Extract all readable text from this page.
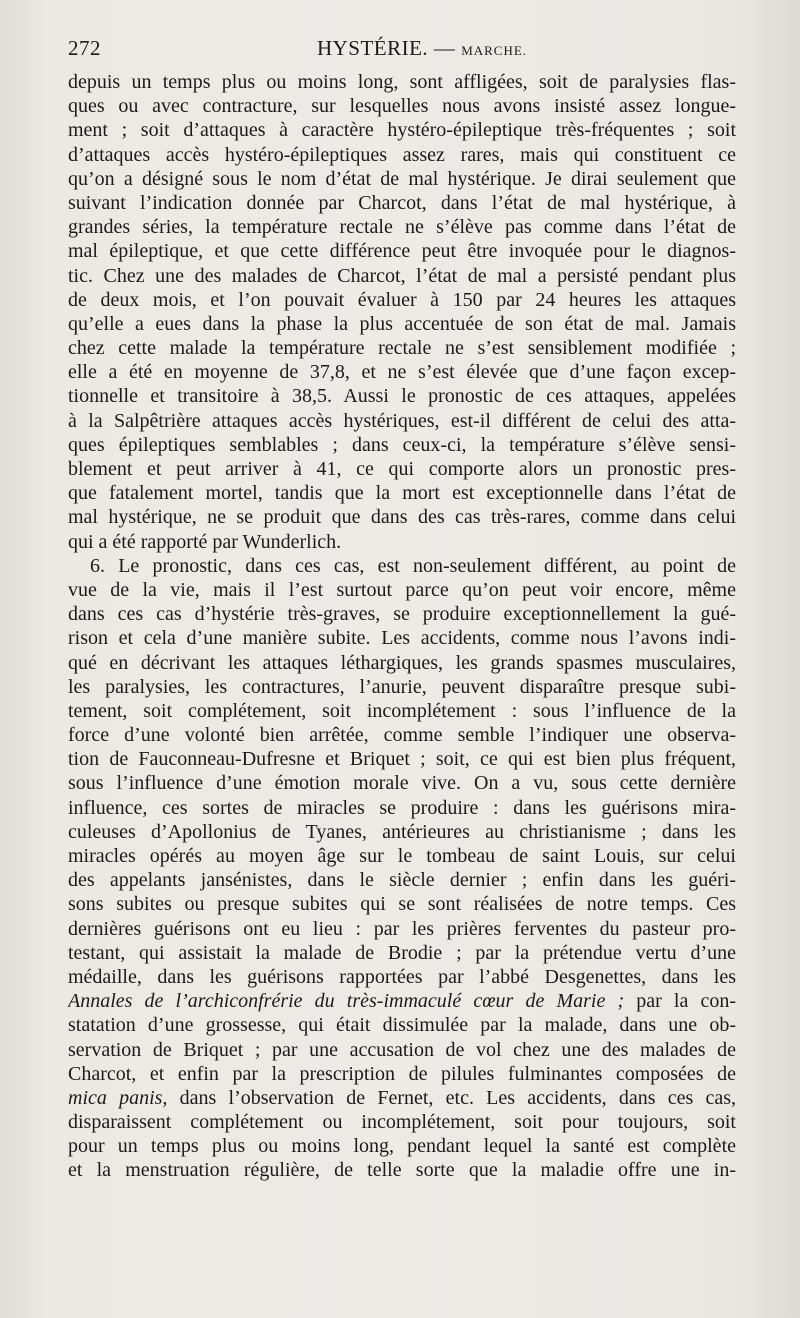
272	HYSTÉRIE. — MARCHE.
depuis un temps plus ou moins long, sont affligées, soit de paralysies flas-
ques ou avec contracture, sur lesquelles nous avons insisté assez longue-
ment ; soit d’attaques à caractère hystéro-épileptique très-fréquentes ; soit
d’attaques accès hystéro-épileptiques assez rares, mais qui constituent ce
qu’on a désigné sous le nom d’état de mal hystérique. Je dirai seulement que
suivant l’indication donnée par Charcot, dans l’état de mal hystérique, à
grandes séries, la température rectale ne s’élève pas comme dans l’état de
mal épileptique, et que cette différence peut être invoquée pour le diagnos-
tic. Chez une des malades de Charcot, l’état de mal a persisté pendant plus
de deux mois, et l’on pouvait évaluer à 150 par 24 heures les attaques
qu’elle a eues dans la phase la plus accentuée de son état de mal. Jamais
chez cette malade la température rectale ne s’est sensiblement modifiée ;
elle a été en moyenne de 37,8, et ne s’est élevée que d’une façon excep-
tionnelle et transitoire à 38,5. Aussi le pronostic de ces attaques, appelées
à la Salpêtrière attaques accès hystériques, est-il différent de celui des atta-
ques épileptiques semblables ; dans ceux-ci, la température s’élève sensi-
blement et peut arriver à 41, ce qui comporte alors un pronostic pres-
que fatalement mortel, tandis que la mort est exceptionnelle dans l’état de
mal hystérique, ne se produit que dans des cas très-rares, comme dans celui
qui a été rapporté par Wunderlich.
6. Le pronostic, dans ces cas, est non-seulement différent, au point de
vue de la vie, mais il l’est surtout parce qu’on peut voir encore, même
dans ces cas d’hystérie très-graves, se produire exceptionnellement la gué-
rison et cela d’une manière subite. Les accidents, comme nous l’avons indi-
qué en décrivant les attaques léthargiques, les grands spasmes musculaires,
les paralysies, les contractures, l’anurie, peuvent disparaître presque subi-
tement, soit complétement, soit incomplétement : sous l’influence de la
force d’une volonté bien arrêtée, comme semble l’indiquer une observa-
tion de Fauconneau-Dufresne et Briquet ; soit, ce qui est bien plus fréquent,
sous l’influence d’une émotion morale vive. On a vu, sous cette dernière
influence, ces sortes de miracles se produire : dans les guérisons mira-
culeuses d’Apollonius de Tyanes, antérieures au christianisme ; dans les
miracles opérés au moyen âge sur le tombeau de saint Louis, sur celui
des appelants jansénistes, dans le siècle dernier ; enfin dans les guéri-
sons subites ou presque subites qui se sont réalisées de notre temps. Ces
dernières guérisons ont eu lieu : par les prières ferventes du pasteur pro-
testant, qui assistait la malade de Brodie ; par la prétendue vertu d’une
médaille, dans les guérisons rapportées par l’abbé Desgenettes, dans les
Annales de l’archiconfrérie du très-immaculé cœur de Marie ; par la con-
statation d’une grossesse, qui était dissimulée par la malade, dans une ob-
servation de Briquet ; par une accusation de vol chez une des malades de
Charcot, et enfin par la prescription de pilules fulminantes composées de
mica panis, dans l’observation de Fernet, etc. Les accidents, dans ces cas,
disparaissent complétement ou incomplétement, soit pour toujours, soit
pour un temps plus ou moins long, pendant lequel la santé est complète
et la menstruation régulière, de telle sorte que la maladie offre une in-
